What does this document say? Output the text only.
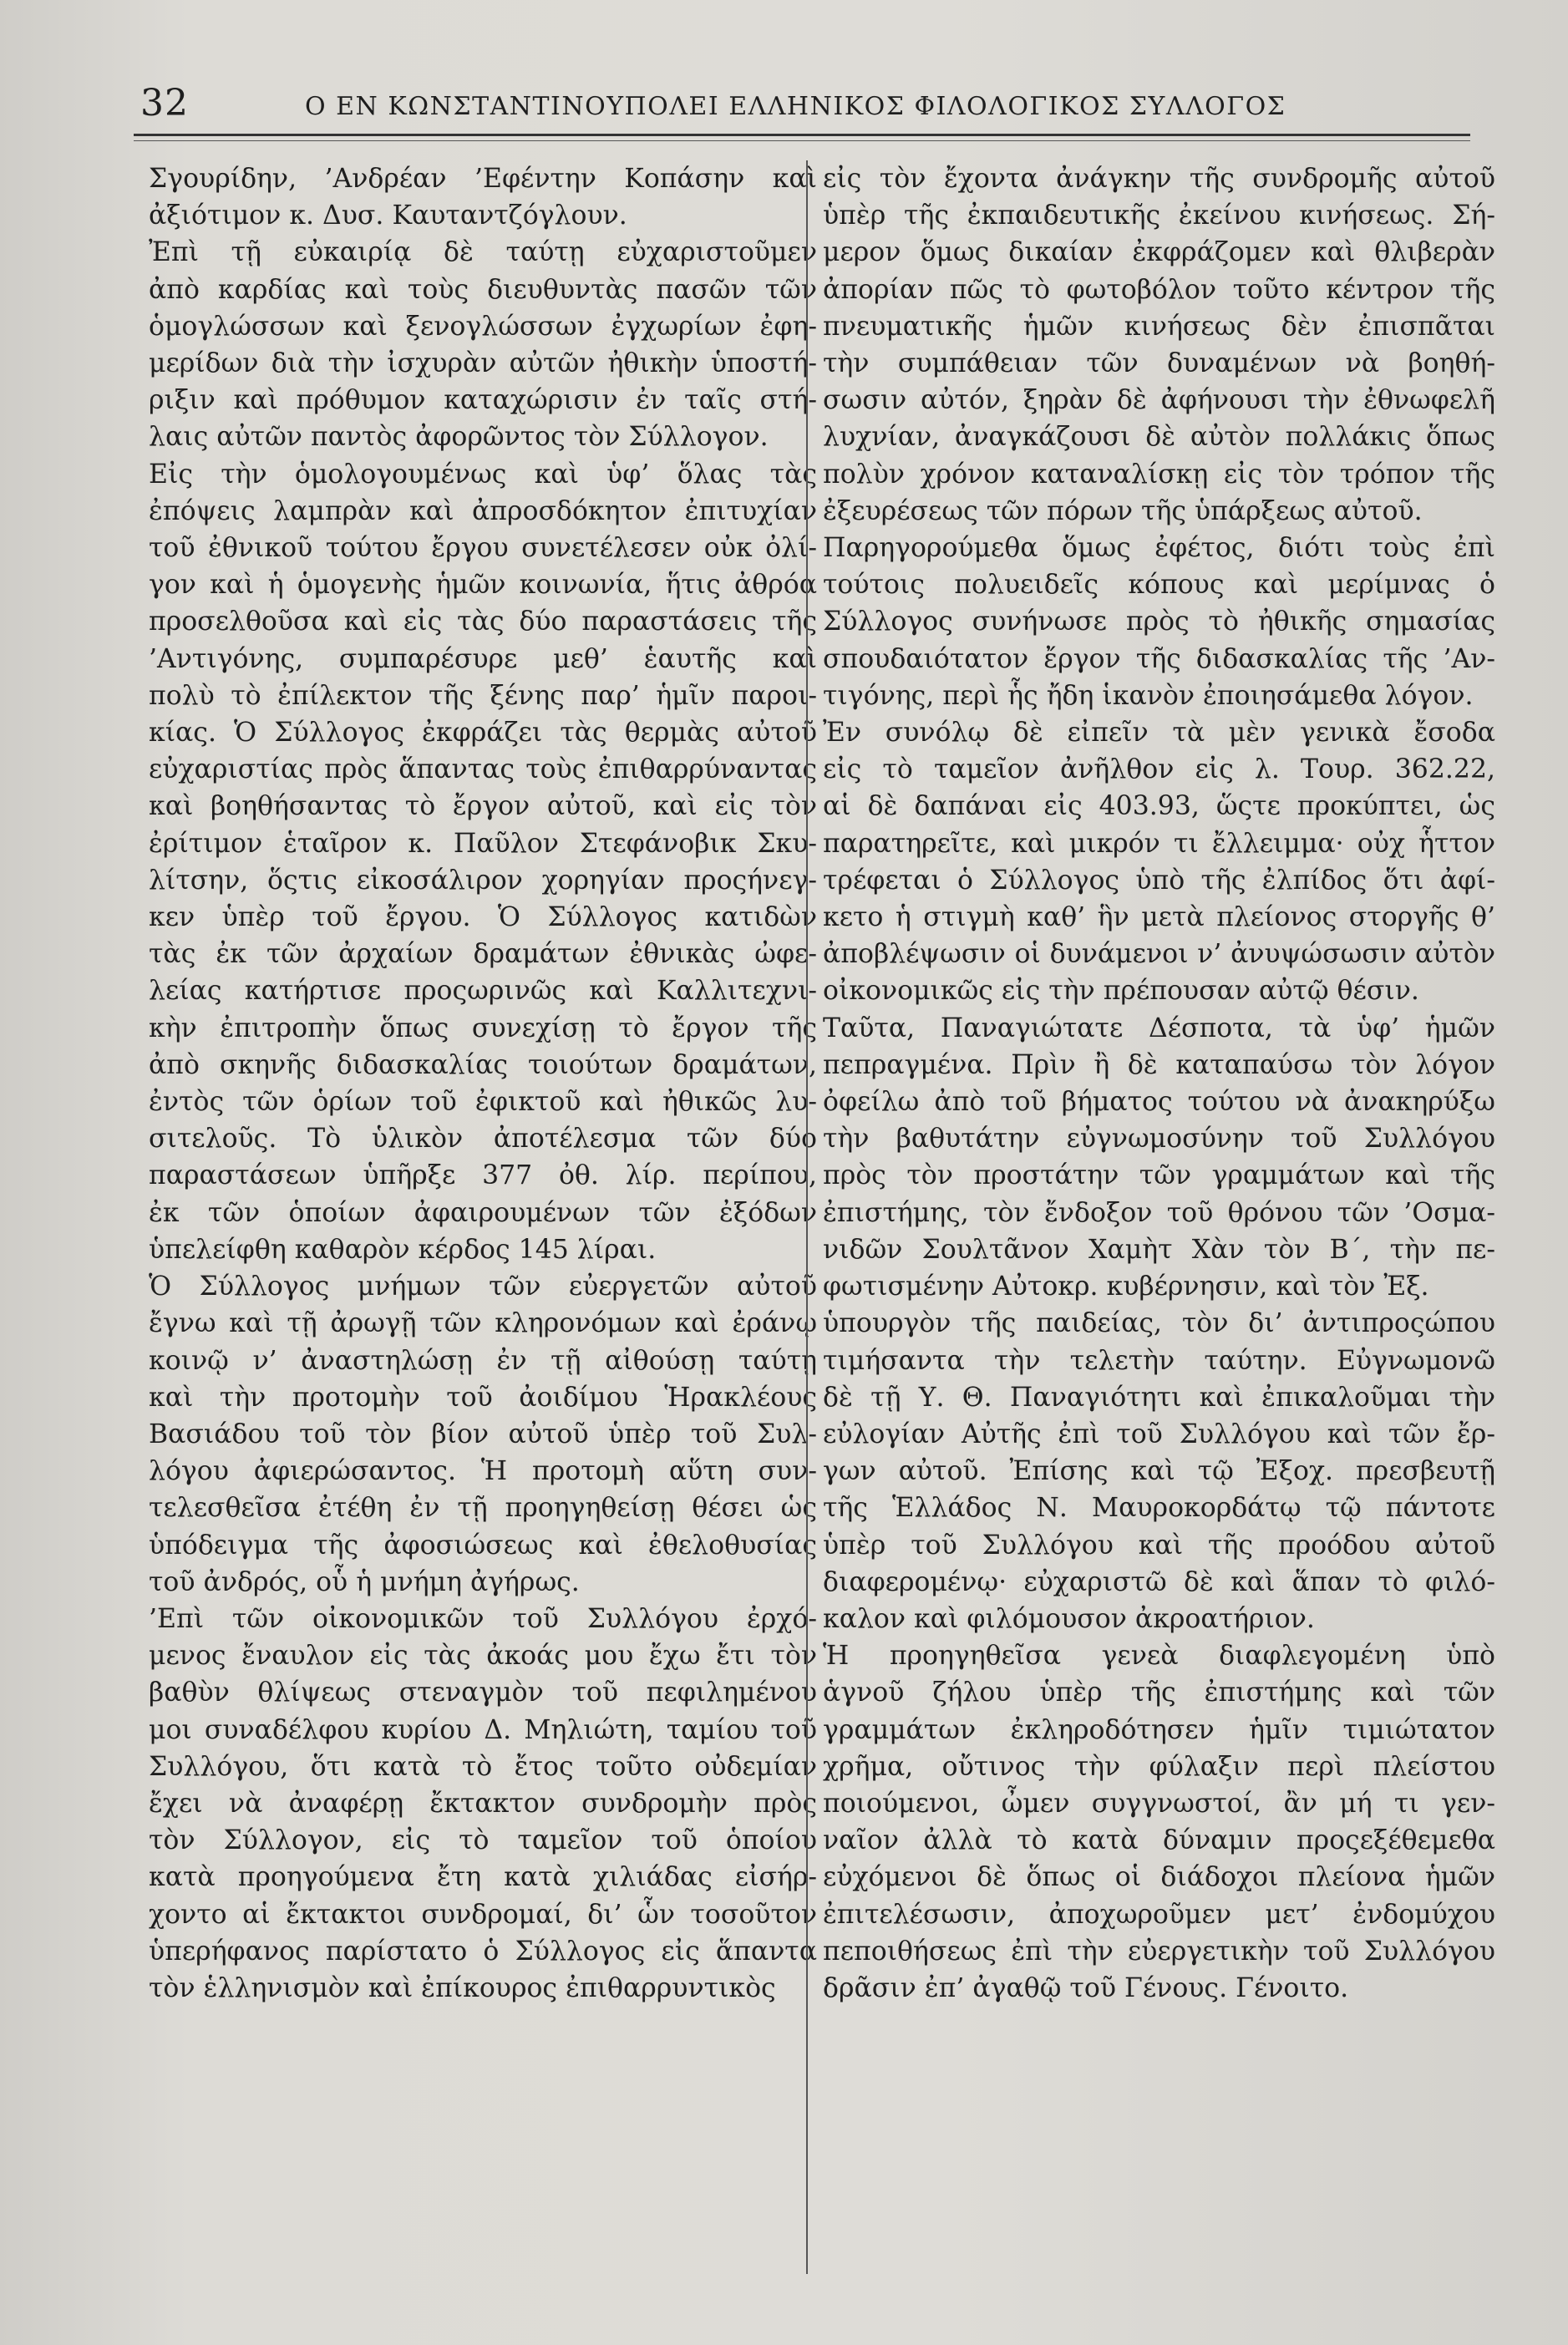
32	Ο ΕΝ ΚΩΝΣΤΑΝΤΙΝΟΥΠΟΛΕΙ ΕΛΛΗΝΙΚΟΣ ΦΙΛΟΛΟΓΙΚΟΣ ΣΥΛΛΟΓΟΣ
Σγουρίδην, ’Ανδρέαν ’Εφέντην Κοπάσην καὶ
ἀξιότιμον κ. Δυσ. Καυταντζόγλουν.
Ἐπὶ τῇ εὐκαιρίᾳ δὲ ταύτῃ εὐχαριστοῦμεν
ἀπὸ καρδίας καὶ τοὺς διευθυντὰς πασῶν τῶν
ὁμογλώσσων καὶ ξενογλώσσων ἐγχωρίων ἐφη-
μερίδων διὰ τὴν ἰσχυρὰν αὐτῶν ἠθικὴν ὑποστή-
ριξιν καὶ πρόθυμον καταχώρισιν ἐν ταῖς στή-
λαις αὐτῶν παντὸς ἀφορῶντος τὸν Σύλλογον.
Εἰς τὴν ὁμολογουμένως καὶ ὑφ’ ὅλας τὰς
ἐπόψεις λαμπρὰν καὶ ἀπροσδόκητον ἐπιτυχίαν
τοῦ ἐθνικοῦ τούτου ἔργου συνετέλεσεν οὐκ ὀλί-
γον καὶ ἡ ὁμογενὴς ἡμῶν κοινωνία, ἥτις ἀθρόα
προσελθοῦσα καὶ εἰς τὰς δύο παραστάσεις τῆς
’Αντιγόνης, συμπαρέσυρε μεθ’ ἑαυτῆς καὶ
πολὺ τὸ ἐπίλεκτον τῆς ξένης παρ’ ἡμῖν παροι-
κίας. Ὁ Σύλλογος ἐκφράζει τὰς θερμὰς αὐτοῦ
εὐχαριστίας πρὸς ἅπαντας τοὺς ἐπιθαρρύναντας
καὶ βοηθήσαντας τὸ ἔργον αὐτοῦ, καὶ εἰς τὸν
ἐρίτιμον ἑταῖρον κ. Παῦλον Στεφάνοβικ Σκυ-
λίτσην, ὅςτις εἰκοσάλιρον χορηγίαν προςήνεγ-
κεν ὑπὲρ τοῦ ἔργου. Ὁ Σύλλογος κατιδὼν
τὰς ἐκ τῶν ἀρχαίων δραμάτων ἐθνικὰς ὠφε-
λείας κατήρτισε προςωρινῶς καὶ Καλλιτεχνι-
κὴν ἐπιτροπὴν ὅπως συνεχίσῃ τὸ ἔργον τῆς
ἀπὸ σκηνῆς διδασκαλίας τοιούτων δραμάτων,
ἐντὸς τῶν ὁρίων τοῦ ἐφικτοῦ καὶ ἠθικῶς λυ-
σιτελοῦς. Τὸ ὑλικὸν ἀποτέλεσμα τῶν δύο
παραστάσεων ὑπῆρξε 377 ὀθ. λίρ. περίπου,
ἐκ τῶν ὁποίων ἀφαιρουμένων τῶν ἐξόδων
ὑπελείφθη καθαρὸν κέρδος 145 λίραι.
Ὁ Σύλλογος μνήμων τῶν εὐεργετῶν αὐτοῦ
ἔγνω καὶ τῇ ἀρωγῇ τῶν κληρονόμων καὶ ἐράνῳ
κοινῷ ν’ ἀναστηλώσῃ ἐν τῇ αἰθούσῃ ταύτῃ
καὶ τὴν προτομὴν τοῦ ἀοιδίμου Ἡρακλέους
Βασιάδου τοῦ τὸν βίον αὐτοῦ ὑπὲρ τοῦ Συλ-
λόγου ἀφιερώσαντος. Ἡ προτομὴ αὕτη συν-
τελεσθεῖσα ἐτέθη ἐν τῇ προηγηθείσῃ θέσει ὡς
ὑπόδειγμα τῆς ἀφοσιώσεως καὶ ἐθελοθυσίας
τοῦ ἀνδρός, οὗ ἡ μνήμη ἀγήρως.
’Επὶ τῶν οἰκονομικῶν τοῦ Συλλόγου ἐρχό-
μενος ἔναυλον εἰς τὰς ἀκοάς μου ἔχω ἔτι τὸν
βαθὺν θλίψεως στεναγμὸν τοῦ πεφιλημένου
μοι συναδέλφου κυρίου Δ. Μηλιώτη, ταμίου τοῦ
Συλλόγου, ὅτι κατὰ τὸ ἔτος τοῦτο οὐδεμίαν
ἔχει νὰ ἀναφέρῃ ἔκτακτον συνδρομὴν πρὸς
τὸν Σύλλογον, εἰς τὸ ταμεῖον τοῦ ὁποίου
κατὰ προηγούμενα ἔτη κατὰ χιλιάδας εἰσήρ-
χοντο αἱ ἔκτακτοι συνδρομαί, δι’ ὧν τοσοῦτον
ὑπερήφανος παρίστατο ὁ Σύλλογος εἰς ἅπαντα
τὸν ἑλληνισμὸν καὶ ἐπίκουρος ἐπιθαρρυντικὸς
εἰς τὸν ἔχοντα ἀνάγκην τῆς συνδρομῆς αὐτοῦ
ὑπὲρ τῆς ἐκπαιδευτικῆς ἐκείνου κινήσεως. Σή-
μερον ὅμως δικαίαν ἐκφράζομεν καὶ θλιβερὰν
ἀπορίαν πῶς τὸ φωτοβόλον τοῦτο κέντρον τῆς
πνευματικῆς ἡμῶν κινήσεως δὲν ἐπισπᾶται
τὴν συμπάθειαν τῶν δυναμένων νὰ βοηθή-
σωσιν αὐτόν, ξηρὰν δὲ ἀφήνουσι τὴν ἐθνωφελῆ
λυχνίαν, ἀναγκάζουσι δὲ αὐτὸν πολλάκις ὅπως
πολὺν χρόνον καταναλίσκῃ εἰς τὸν τρόπον τῆς
ἐξευρέσεως τῶν πόρων τῆς ὑπάρξεως αὐτοῦ.
Παρηγορούμεθα ὅμως ἐφέτος, διότι τοὺς ἐπὶ
τούτοις πολυειδεῖς κόπους καὶ μερίμνας ὁ
Σύλλογος συνήνωσε πρὸς τὸ ἠθικῆς σημασίας
σπουδαιότατον ἔργον τῆς διδασκαλίας τῆς ’Αν-
τιγόνης, περὶ ἧς ἤδη ἱκανὸν ἐποιησάμεθα λόγον.
Ἐν συνόλῳ δὲ εἰπεῖν τὰ μὲν γενικὰ ἔσοδα
εἰς τὸ ταμεῖον ἀνῆλθον εἰς λ. Τουρ. 362.22,
αἱ δὲ δαπάναι εἰς 403.93, ὥςτε προκύπτει, ὡς
παρατηρεῖτε, καὶ μικρόν τι ἔλλειμμα· οὐχ ἧττον
τρέφεται ὁ Σύλλογος ὑπὸ τῆς ἐλπίδος ὅτι ἀφί-
κετο ἡ στιγμὴ καθ’ ἣν μετὰ πλείονος στοργῆς θ’
ἀποβλέψωσιν οἱ δυνάμενοι ν’ ἀνυψώσωσιν αὐτὸν
οἰκονομικῶς εἰς τὴν πρέπουσαν αὐτῷ θέσιν.
Ταῦτα, Παναγιώτατε Δέσποτα, τὰ ὑφ’ ἡμῶν
πεπραγμένα. Πρὶν ἢ δὲ καταπαύσω τὸν λόγον
ὀφείλω ἀπὸ τοῦ βήματος τούτου νὰ ἀνακηρύξω
τὴν βαθυτάτην εὐγνωμοσύνην τοῦ Συλλόγου
πρὸς τὸν προστάτην τῶν γραμμάτων καὶ τῆς
ἐπιστήμης, τὸν ἔνδοξον τοῦ θρόνου τῶν ’Οσμα-
νιδῶν Σουλτᾶνον Χαμὴτ Χὰν τὸν Β΄, τὴν πε-
φωτισμένην Αὐτοκρ. κυβέρνησιν, καὶ τὸν Ἐξ.
ὑπουργὸν τῆς παιδείας, τὸν δι’ ἀντιπροςώπου
τιμήσαντα τὴν τελετὴν ταύτην. Εὐγνωμονῶ
δὲ τῇ Υ. Θ. Παναγιότητι καὶ ἐπικαλοῦμαι τὴν
εὐλογίαν Αὐτῆς ἐπὶ τοῦ Συλλόγου καὶ τῶν ἔρ-
γων αὐτοῦ. Ἐπίσης καὶ τῷ Ἐξοχ. πρεσβευτῇ
τῆς Ἑλλάδος Ν. Μαυροκορδάτῳ τῷ πάντοτε
ὑπὲρ τοῦ Συλλόγου καὶ τῆς προόδου αὐτοῦ
διαφερομένῳ· εὐχαριστῶ δὲ καὶ ἅπαν τὸ φιλό-
καλον καὶ φιλόμουσον ἀκροατήριον.
Ἡ προηγηθεῖσα γενεὰ διαφλεγομένη ὑπὸ
ἁγνοῦ ζήλου ὑπὲρ τῆς ἐπιστήμης καὶ τῶν
γραμμάτων ἐκληροδότησεν ἡμῖν τιμιώτατον
χρῆμα, οὔτινος τὴν φύλαξιν περὶ πλείστου
ποιούμενοι, ὦμεν συγγνωστοί, ἂν μή τι γεν-
ναῖον ἀλλὰ τὸ κατὰ δύναμιν προςεξέθεμεθα
εὐχόμενοι δὲ ὅπως οἱ διάδοχοι πλείονα ἡμῶν
ἐπιτελέσωσιν, ἀποχωροῦμεν μετ’ ἐνδομύχου
πεποιθήσεως ἐπὶ τὴν εὐεργετικὴν τοῦ Συλλόγου
δρᾶσιν ἐπ’ ἀγαθῷ τοῦ Γένους. Γένοιτο.
